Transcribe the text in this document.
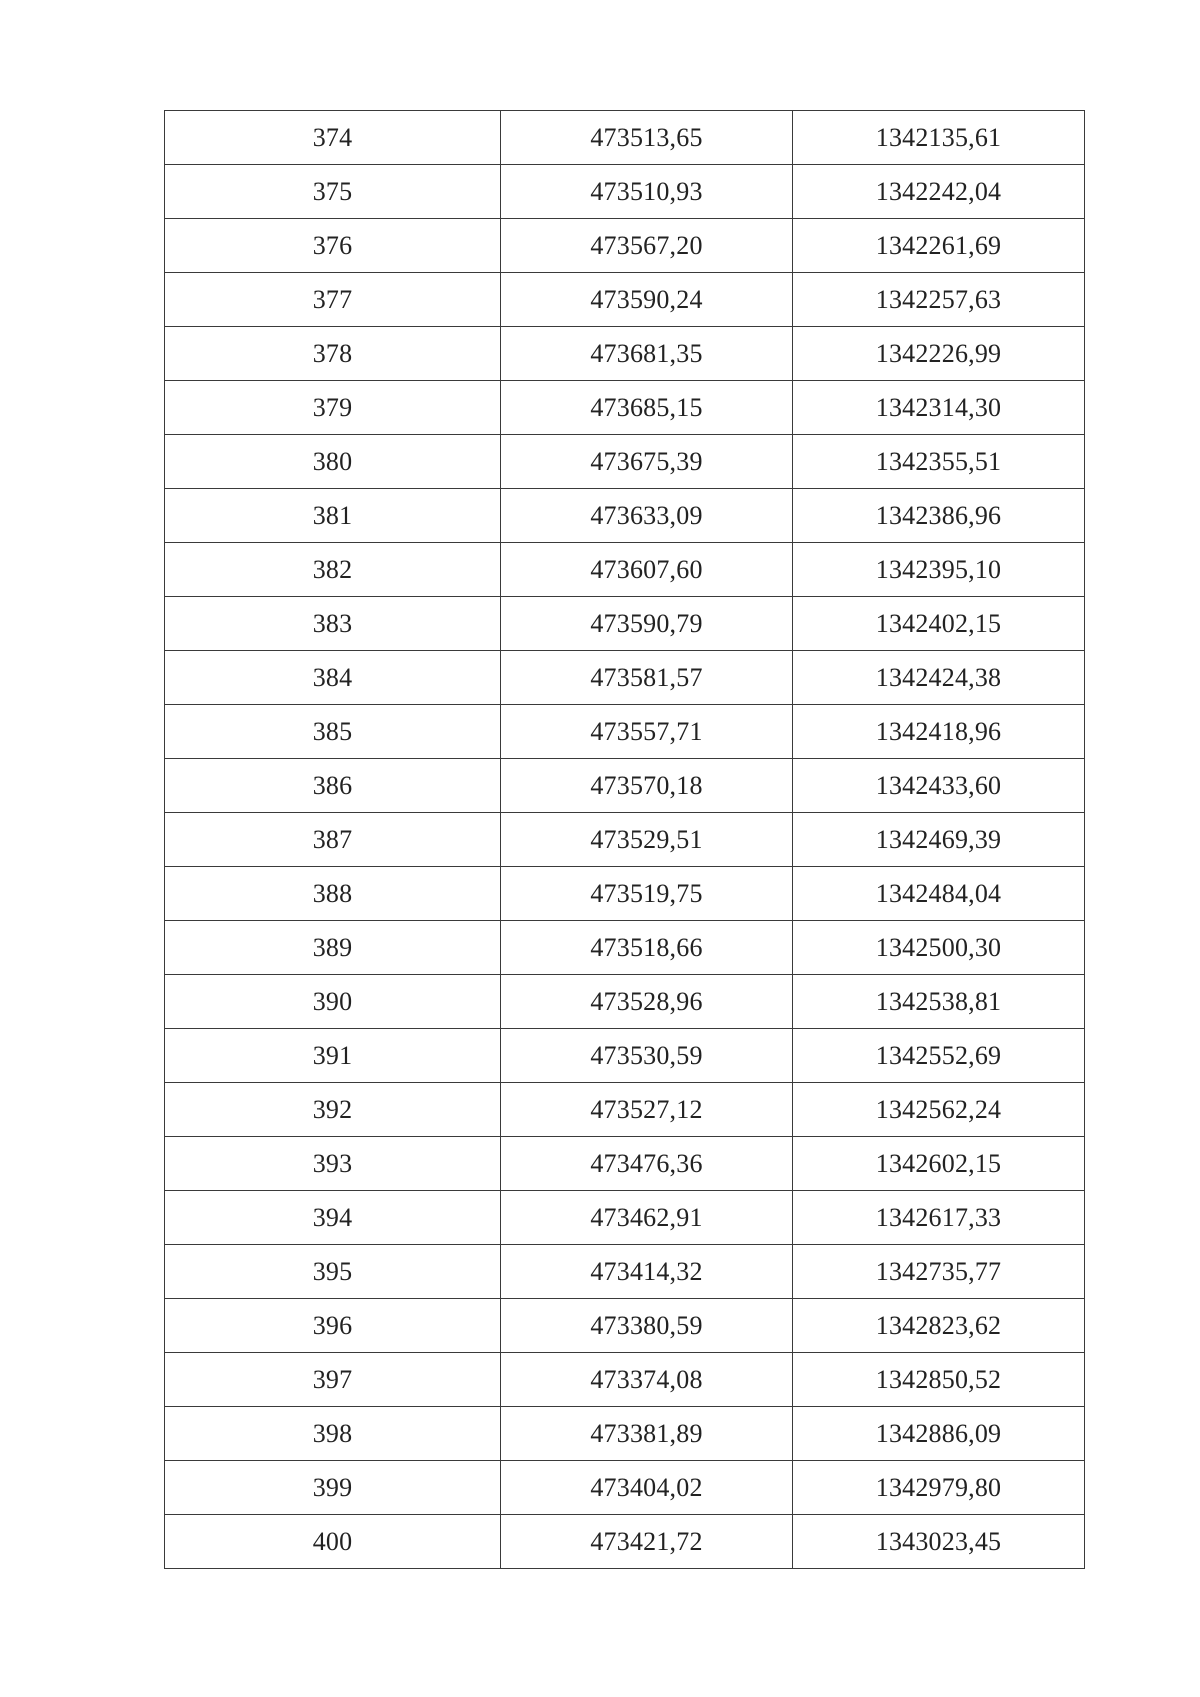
374	473513,65	1342135,61
375	473510,93	1342242,04
376	473567,20	1342261,69
377	473590,24	1342257,63
378	473681,35	1342226,99
379	473685,15	1342314,30
380	473675,39	1342355,51
381	473633,09	1342386,96
382	473607,60	1342395,10
383	473590,79	1342402,15
384	473581,57	1342424,38
385	473557,71	1342418,96
386	473570,18	1342433,60
387	473529,51	1342469,39
388	473519,75	1342484,04
389	473518,66	1342500,30
390	473528,96	1342538,81
391	473530,59	1342552,69
392	473527,12	1342562,24
393	473476,36	1342602,15
394	473462,91	1342617,33
395	473414,32	1342735,77
396	473380,59	1342823,62
397	473374,08	1342850,52
398	473381,89	1342886,09
399	473404,02	1342979,80
400	473421,72	1343023,45
